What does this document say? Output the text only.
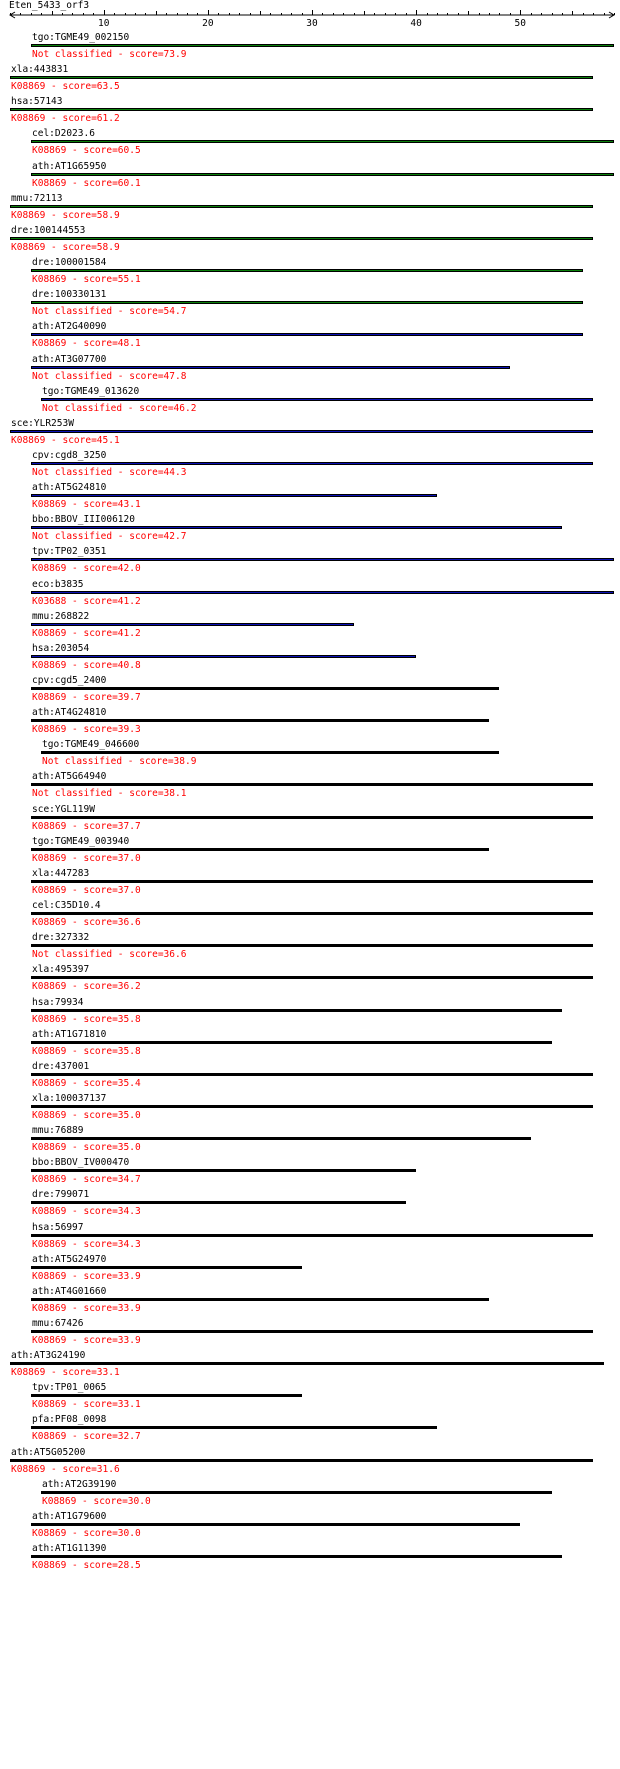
Eten_5433_orf3
10	20	30	40	50
tgo:TGME49_002150
Not classified - score=73.9
xla:443831
K08869 - score=63.5
hsa:57143
K08869 - score=61.2
cel:D2023.6
K08869 - score=60.5
ath:AT1G65950
K08869 - score=60.1
mmu:72113
K08869 - score=58.9
dre:100144553
K08869 - score=58.9
dre:100001584
K08869 - score=55.1
dre:100330131
Not classified - score=54.7
ath:AT2G40090
K08869 - score=48.1
ath:AT3G07700
Not classified - score=47.8
tgo:TGME49_013620
Not classified - score=46.2
sce:YLR253W
K08869 - score=45.1
cpv:cgd8_3250
Not classified - score=44.3
ath:AT5G24810
K08869 - score=43.1
bbo:BBOV_III006120
Not classified - score=42.7
tpv:TP02_0351
K08869 - score=42.0
eco:b3835
K03688 - score=41.2
mmu:268822
K08869 - score=41.2
hsa:203054
K08869 - score=40.8
cpv:cgd5_2400
K08869 - score=39.7
ath:AT4G24810
K08869 - score=39.3
tgo:TGME49_046600
Not classified - score=38.9
ath:AT5G64940
Not classified - score=38.1
sce:YGL119W
K08869 - score=37.7
tgo:TGME49_003940
K08869 - score=37.0
xla:447283
K08869 - score=37.0
cel:C35D10.4
K08869 - score=36.6
dre:327332
Not classified - score=36.6
xla:495397
K08869 - score=36.2
hsa:79934
K08869 - score=35.8
ath:AT1G71810
K08869 - score=35.8
dre:437001
K08869 - score=35.4
xla:100037137
K08869 - score=35.0
mmu:76889
K08869 - score=35.0
bbo:BBOV_IV000470
K08869 - score=34.7
dre:799071
K08869 - score=34.3
hsa:56997
K08869 - score=34.3
ath:AT5G24970
K08869 - score=33.9
ath:AT4G01660
K08869 - score=33.9
mmu:67426
K08869 - score=33.9
ath:AT3G24190
K08869 - score=33.1
tpv:TP01_0065
K08869 - score=33.1
pfa:PF08_0098
K08869 - score=32.7
ath:AT5G05200
K08869 - score=31.6
ath:AT2G39190
K08869 - score=30.0
ath:AT1G79600
K08869 - score=30.0
ath:AT1G11390
K08869 - score=28.5
